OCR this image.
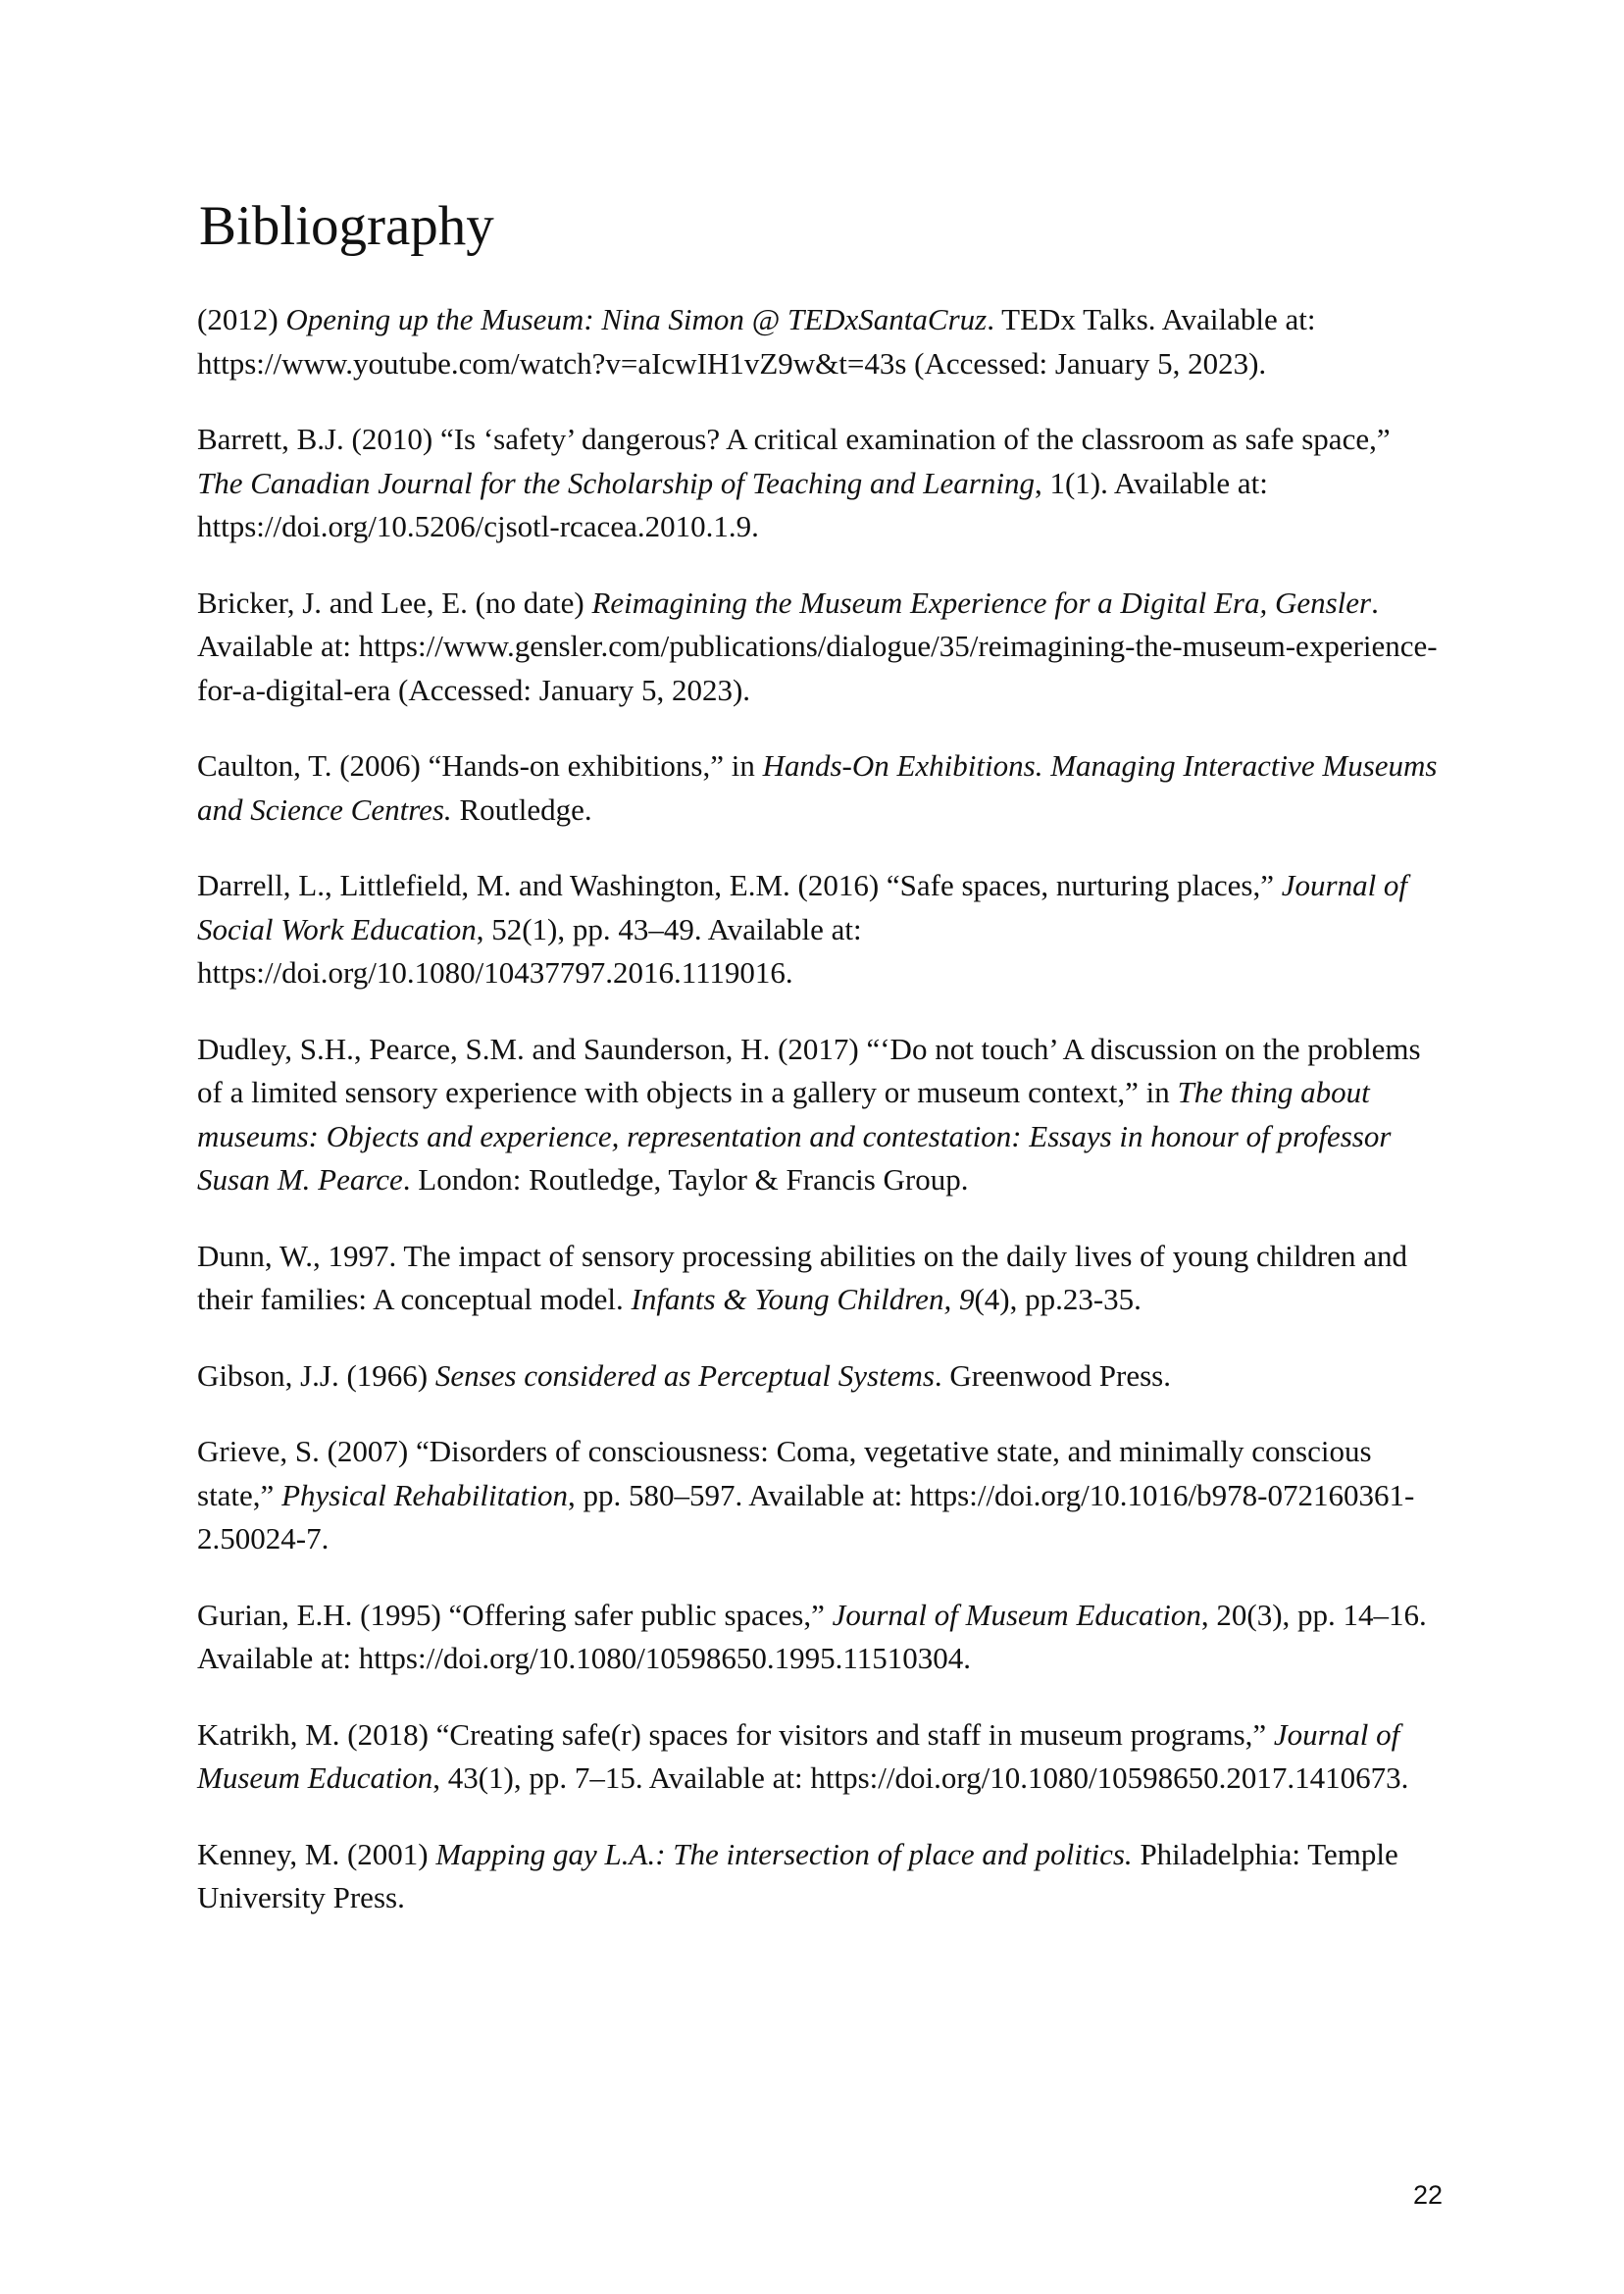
Bibliography

(2012) Opening up the Museum: Nina Simon @ TEDxSantaCruz. TEDx Talks. Available at: https://www.youtube.com/watch?v=aIcwIH1vZ9w&t=43s (Accessed: January 5, 2023).

Barrett, B.J. (2010) “Is ‘safety’ dangerous? A critical examination of the classroom as safe space,” The Canadian Journal for the Scholarship of Teaching and Learning, 1(1). Available at: https://doi.org/10.5206/cjsotl-rcacea.2010.1.9.

Bricker, J. and Lee, E. (no date) Reimagining the Museum Experience for a Digital Era, Gensler. Available at: https://www.gensler.com/publications/dialogue/35/reimagining-the-museum-experience-for-a-digital-era (Accessed: January 5, 2023).

Caulton, T. (2006) “Hands-on exhibitions,” in Hands-On Exhibitions. Managing Interactive Museums and Science Centres. Routledge.

Darrell, L., Littlefield, M. and Washington, E.M. (2016) “Safe spaces, nurturing places,” Journal of Social Work Education, 52(1), pp. 43–49. Available at: https://doi.org/10.1080/10437797.2016.1119016.

Dudley, S.H., Pearce, S.M. and Saunderson, H. (2017) “‘Do not touch’ A discussion on the problems of a limited sensory experience with objects in a gallery or museum context,” in The thing about museums: Objects and experience, representation and contestation: Essays in honour of professor Susan M. Pearce. London: Routledge, Taylor & Francis Group.

Dunn, W., 1997. The impact of sensory processing abilities on the daily lives of young children and their families: A conceptual model. Infants & Young Children, 9(4), pp.23-35.

Gibson, J.J. (1966) Senses considered as Perceptual Systems. Greenwood Press.

Grieve, S. (2007) “Disorders of consciousness: Coma, vegetative state, and minimally conscious state,” Physical Rehabilitation, pp. 580–597. Available at: https://doi.org/10.1016/b978-072160361-2.50024-7.

Gurian, E.H. (1995) “Offering safer public spaces,” Journal of Museum Education, 20(3), pp. 14–16. Available at: https://doi.org/10.1080/10598650.1995.11510304.

Katrikh, M. (2018) “Creating safe(r) spaces for visitors and staff in museum programs,” Journal of Museum Education, 43(1), pp. 7–15. Available at: https://doi.org/10.1080/10598650.2017.1410673.

Kenney, M. (2001) Mapping gay L.A.: The intersection of place and politics. Philadelphia: Temple University Press.

22
